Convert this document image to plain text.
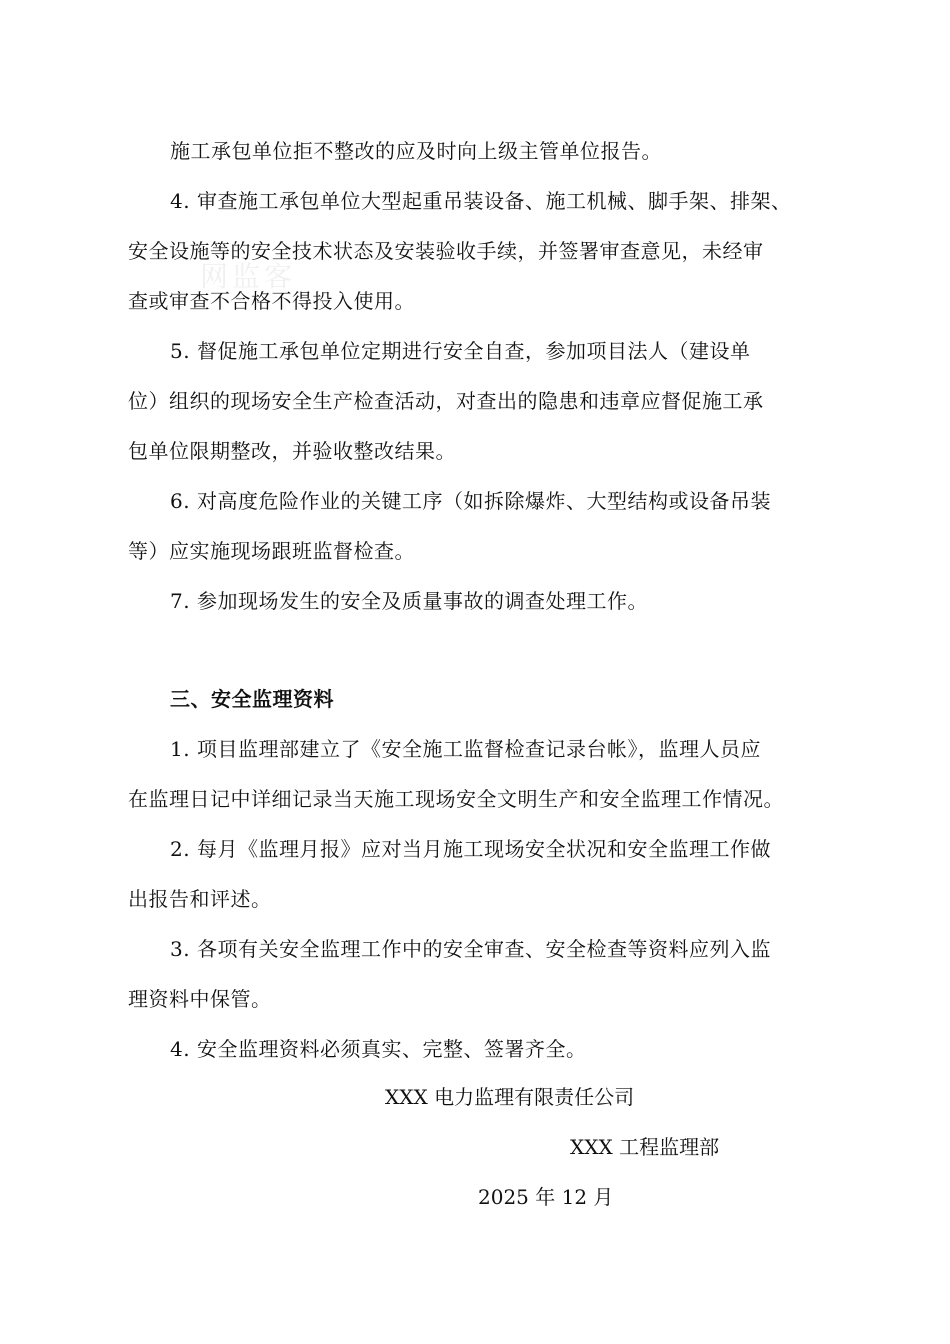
网监客
施工承包单位拒不整改的应及时向上级主管单位报告。
4. 审查施工承包单位大型起重吊装设备、施工机械、脚手架、排架、
安全设施等的安全技术状态及安装验收手续，并签署审查意见，未经审
查或审查不合格不得投入使用。
5. 督促施工承包单位定期进行安全自查，参加项目法人（建设单
位）组织的现场安全生产检查活动，对查出的隐患和违章应督促施工承
包单位限期整改，并验收整改结果。
6. 对高度危险作业的关键工序（如拆除爆炸、大型结构或设备吊装
等）应实施现场跟班监督检查。
7. 参加现场发生的安全及质量事故的调查处理工作。
三、安全监理资料
1. 项目监理部建立了《安全施工监督检查记录台帐》，监理人员应
在监理日记中详细记录当天施工现场安全文明生产和安全监理工作情况。
2. 每月《监理月报》应对当月施工现场安全状况和安全监理工作做
出报告和评述。
3. 各项有关安全监理工作中的安全审查、安全检查等资料应列入监
理资料中保管。
4. 安全监理资料必须真实、完整、签署齐全。
XXX 电力监理有限责任公司
XXX 工程监理部
2025 年 12 月
